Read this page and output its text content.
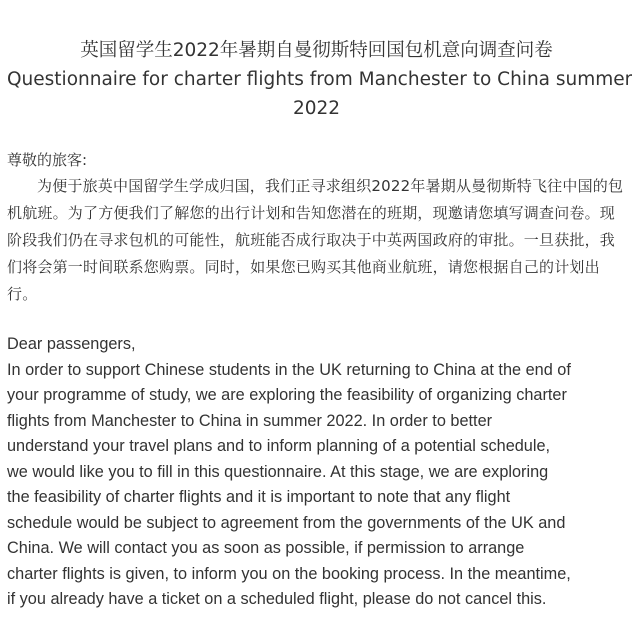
英国留学生2022年暑期自曼彻斯特回国包机意向调查问卷
Questionnaire for charter flights from Manchester to China summer
2022

尊敬的旅客:

为便于旅英中国留学生学成归国，我们正寻求组织2022年暑期从曼彻斯特飞往中国的包机航班。为了方便我们了解您的出行计划和告知您潜在的班期，现邀请您填写调查问卷。现阶段我们仍在寻求包机的可能性，航班能否成行取决于中英两国政府的审批。一旦获批，我们将会第一时间联系您购票。同时，如果您已购买其他商业航班，请您根据自己的计划出行。

Dear passengers,

In order to support Chinese students in the UK returning to China at the end of
your programme of study, we are exploring the feasibility of organizing charter
flights from Manchester to China in summer 2022. In order to better
understand your travel plans and to inform planning of a potential schedule,
we would like you to fill in this questionnaire. At this stage, we are exploring
the feasibility of charter flights and it is important to note that any flight
schedule would be subject to agreement from the governments of the UK and
China. We will contact you as soon as possible, if permission to arrange
charter flights is given, to inform you on the booking process. In the meantime,
if you already have a ticket on a scheduled flight, please do not cancel this.
